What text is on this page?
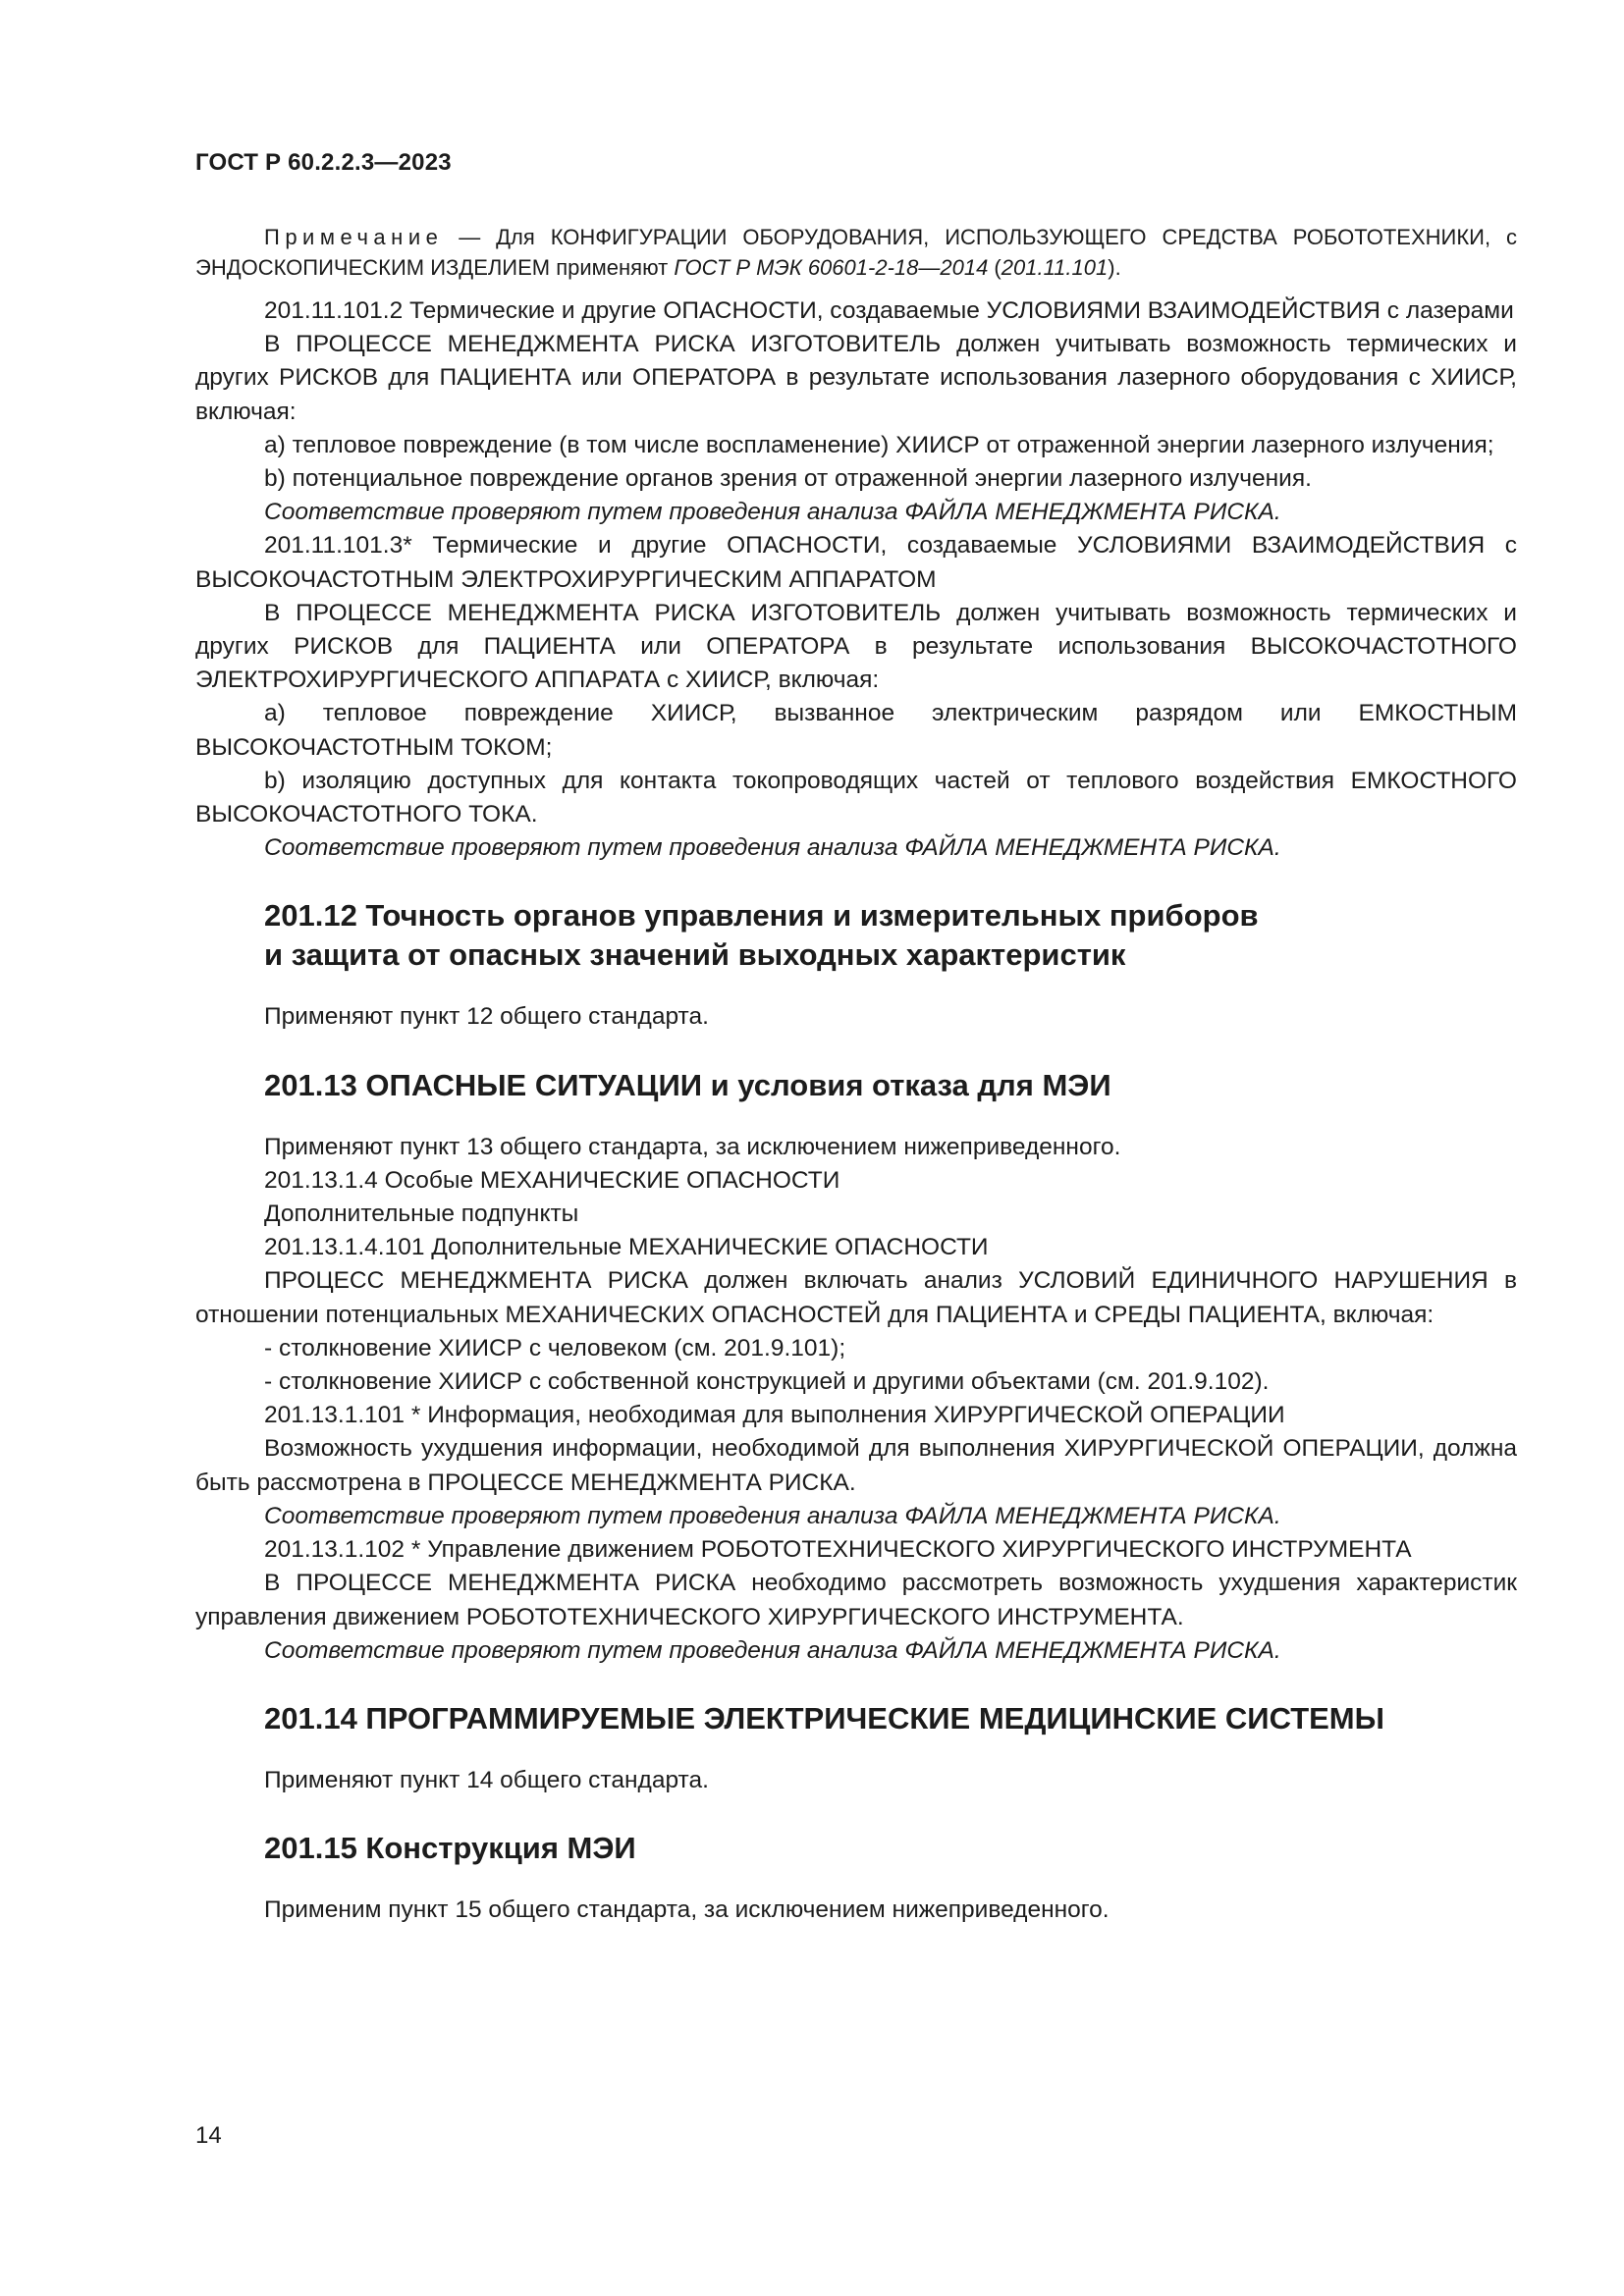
ГОСТ Р 60.2.2.3—2023

Примечание — Для КОНФИГУРАЦИИ ОБОРУДОВАНИЯ, ИСПОЛЬЗУЮЩЕГО СРЕДСТВА РОБОТОТЕХНИКИ, с ЭНДОСКОПИЧЕСКИМ ИЗДЕЛИЕМ применяют ГОСТ Р МЭК 60601-2-18—2014 (201.11.101).

201.11.101.2 Термические и другие ОПАСНОСТИ, создаваемые УСЛОВИЯМИ ВЗАИМОДЕЙСТВИЯ с лазерами

В ПРОЦЕССЕ МЕНЕДЖМЕНТА РИСКА ИЗГОТОВИТЕЛЬ должен учитывать возможность термических и других РИСКОВ для ПАЦИЕНТА или ОПЕРАТОРА в результате использования лазерного оборудования с ХИИСР, включая:

a) тепловое повреждение (в том числе воспламенение) ХИИСР от отраженной энергии лазерного излучения;

b) потенциальное повреждение органов зрения от отраженной энергии лазерного излучения.

Соответствие проверяют путем проведения анализа ФАЙЛА МЕНЕДЖМЕНТА РИСКА.

201.11.101.3* Термические и другие ОПАСНОСТИ, создаваемые УСЛОВИЯМИ ВЗАИМОДЕЙСТВИЯ с ВЫСОКОЧАСТОТНЫМ ЭЛЕКТРОХИРУРГИЧЕСКИМ АППАРАТОМ

В ПРОЦЕССЕ МЕНЕДЖМЕНТА РИСКА ИЗГОТОВИТЕЛЬ должен учитывать возможность термических и других РИСКОВ для ПАЦИЕНТА или ОПЕРАТОРА в результате использования ВЫСОКОЧАСТОТНОГО ЭЛЕКТРОХИРУРГИЧЕСКОГО АППАРАТА с ХИИСР, включая:

a) тепловое повреждение ХИИСР, вызванное электрическим разрядом или ЕМКОСТНЫМ ВЫСОКОЧАСТОТНЫМ ТОКОМ;

b) изоляцию доступных для контакта токопроводящих частей от теплового воздействия ЕМКОСТНОГО ВЫСОКОЧАСТОТНОГО ТОКА.

Соответствие проверяют путем проведения анализа ФАЙЛА МЕНЕДЖМЕНТА РИСКА.

201.12 Точность органов управления и измерительных приборов
и защита от опасных значений выходных характеристик

Применяют пункт 12 общего стандарта.

201.13 ОПАСНЫЕ СИТУАЦИИ и условия отказа для МЭИ

Применяют пункт 13 общего стандарта, за исключением нижеприведенного.

201.13.1.4 Особые МЕХАНИЧЕСКИЕ ОПАСНОСТИ

Дополнительные подпункты

201.13.1.4.101 Дополнительные МЕХАНИЧЕСКИЕ ОПАСНОСТИ

ПРОЦЕСС МЕНЕДЖМЕНТА РИСКА должен включать анализ УСЛОВИЙ ЕДИНИЧНОГО НАРУШЕНИЯ в отношении потенциальных МЕХАНИЧЕСКИХ ОПАСНОСТЕЙ для ПАЦИЕНТА и СРЕДЫ ПАЦИЕНТА, включая:

- столкновение ХИИСР с человеком (см. 201.9.101);

- столкновение ХИИСР с собственной конструкцией и другими объектами (см. 201.9.102).

201.13.1.101 * Информация, необходимая для выполнения ХИРУРГИЧЕСКОЙ ОПЕРАЦИИ

Возможность ухудшения информации, необходимой для выполнения ХИРУРГИЧЕСКОЙ ОПЕРАЦИИ, должна быть рассмотрена в ПРОЦЕССЕ МЕНЕДЖМЕНТА РИСКА.

Соответствие проверяют путем проведения анализа ФАЙЛА МЕНЕДЖМЕНТА РИСКА.

201.13.1.102 * Управление движением РОБОТОТЕХНИЧЕСКОГО ХИРУРГИЧЕСКОГО ИНСТРУМЕНТА

В ПРОЦЕССЕ МЕНЕДЖМЕНТА РИСКА необходимо рассмотреть возможность ухудшения характеристик управления движением РОБОТОТЕХНИЧЕСКОГО ХИРУРГИЧЕСКОГО ИНСТРУМЕНТА.

Соответствие проверяют путем проведения анализа ФАЙЛА МЕНЕДЖМЕНТА РИСКА.

201.14 ПРОГРАММИРУЕМЫЕ ЭЛЕКТРИЧЕСКИЕ МЕДИЦИНСКИЕ СИСТЕМЫ

Применяют пункт 14 общего стандарта.

201.15 Конструкция МЭИ

Применим пункт 15 общего стандарта, за исключением нижеприведенного.

14
